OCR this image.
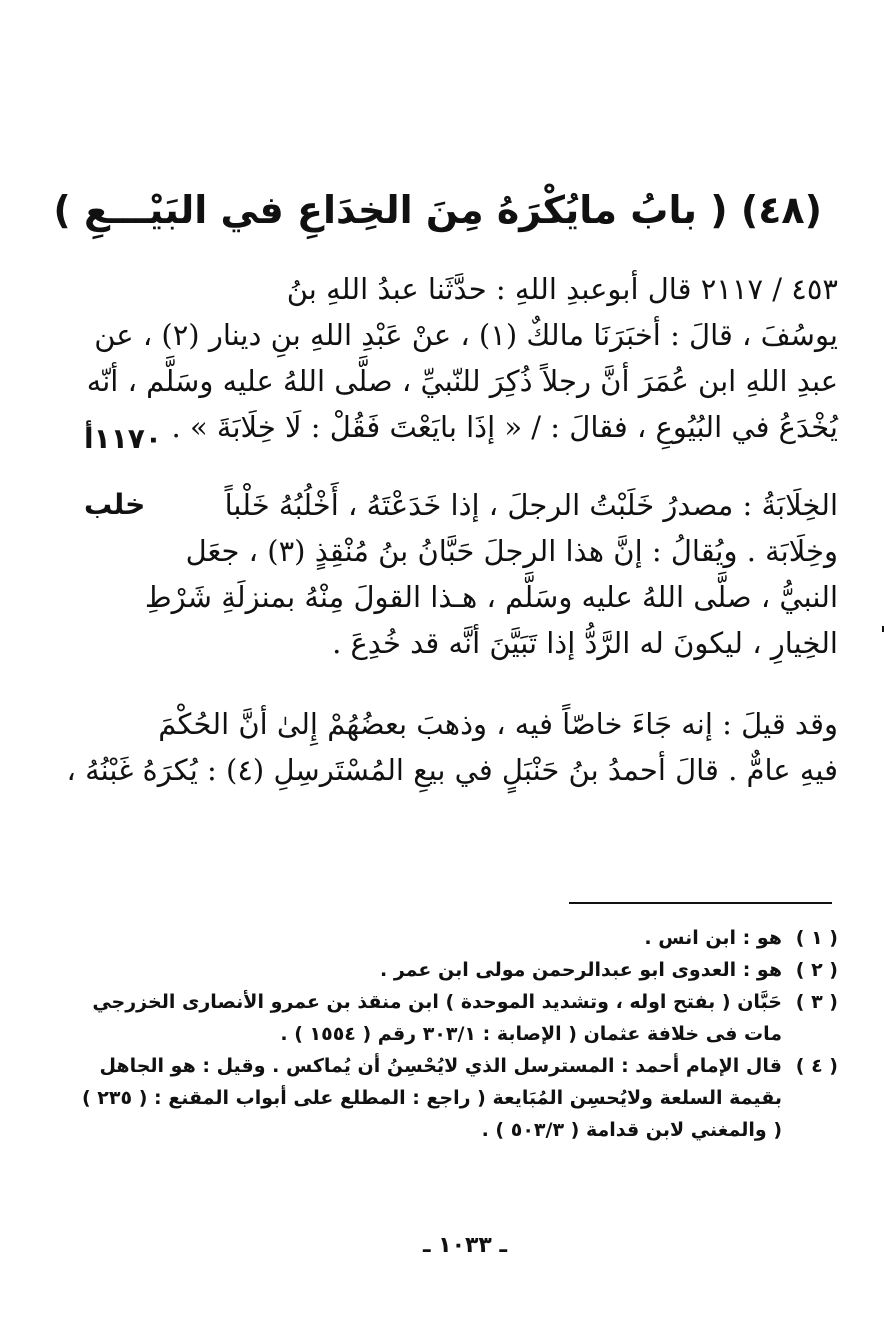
(٤٨) ( بابُ مايُكْرَهُ مِنَ الخِدَاعِ في البَيْـــعِ )
٤٥٣ / ٢١١٧ قال أبوعبدِ اللهِ : حدَّثَنا عبدُ اللهِ بنُ
يوسُفَ ، قالَ : أخبَرَنَا مالكٌ (١) ، عنْ عَبْدِ اللهِ بنِ دينار (٢) ، عن
عبدِ اللهِ ابن عُمَرَ أنَّ رجلاً ذُكِرَ للنّبيِّ ، صلَّى اللهُ عليه وسَلَّم ، أنّه
يُخْدَعُ في البُيُوعِ ، فقالَ : / « إذَا بايَعْتَ فَقُلْ : لَا خِلَابَةَ » .
١١٧٠أ
الخِلَابَةُ : مصدرُ خَلَبْتُ الرجلَ ، إذا خَدَعْتَهُ ، أَخْلُبُهُ خَلْباً
وخِلَابَة . ويُقالُ : إنَّ هذا الرجلَ حَبَّانُ بنُ مُنْقِذٍ (٣) ، جعَل
النبيُّ ، صلَّى اللهُ عليه وسَلَّم ، هـذا القولَ مِنْهُ بمنزلَةِ شَرْطِ
الخِيارِ ، ليكونَ له الرَّدُّ إذا تَبَيَّنَ أنَّه قد خُدِعَ .
خلب
وقد قيلَ : إنه جَاءَ خاصّاً فيه ، وذهبَ بعضُهُمْ إِلىٰ أنَّ الحُكْمَ
فيهِ عامٌّ . قالَ أحمدُ بنُ حَنْبَلٍ في بيعِ المُسْتَرسِلِ (٤) : يُكرَهُ غَبْنُهُ ،
( ١ )
هو : ابن انس .
( ٢ )
هو : العدوى ابو عبدالرحمن مولى ابن عمر .
( ٣ )
حَبَّان ( بفتح اوله ، وتشديد الموحدة ) ابن منقذ بن عمرو الأنصارى الخزرجي
مات فى خلافة عثمان ( الإصابة : ٣٠٣/١ رقم ( ١٥٥٤ ) .
( ٤ )
قال الإمام أحمد : المسترسل الذي لايُحْسِنُ أن يُماكس . وقيل : هو الجاهل
بقيمة السلعة ولايُحسِن المُبَايعة ( راجع : المطلع على أبواب المقنع : ( ٢٣٥ )
( والمغني لابن قدامة ( ٥٠٣/٣ ) .
ـ ١٠٣٣ ـ
